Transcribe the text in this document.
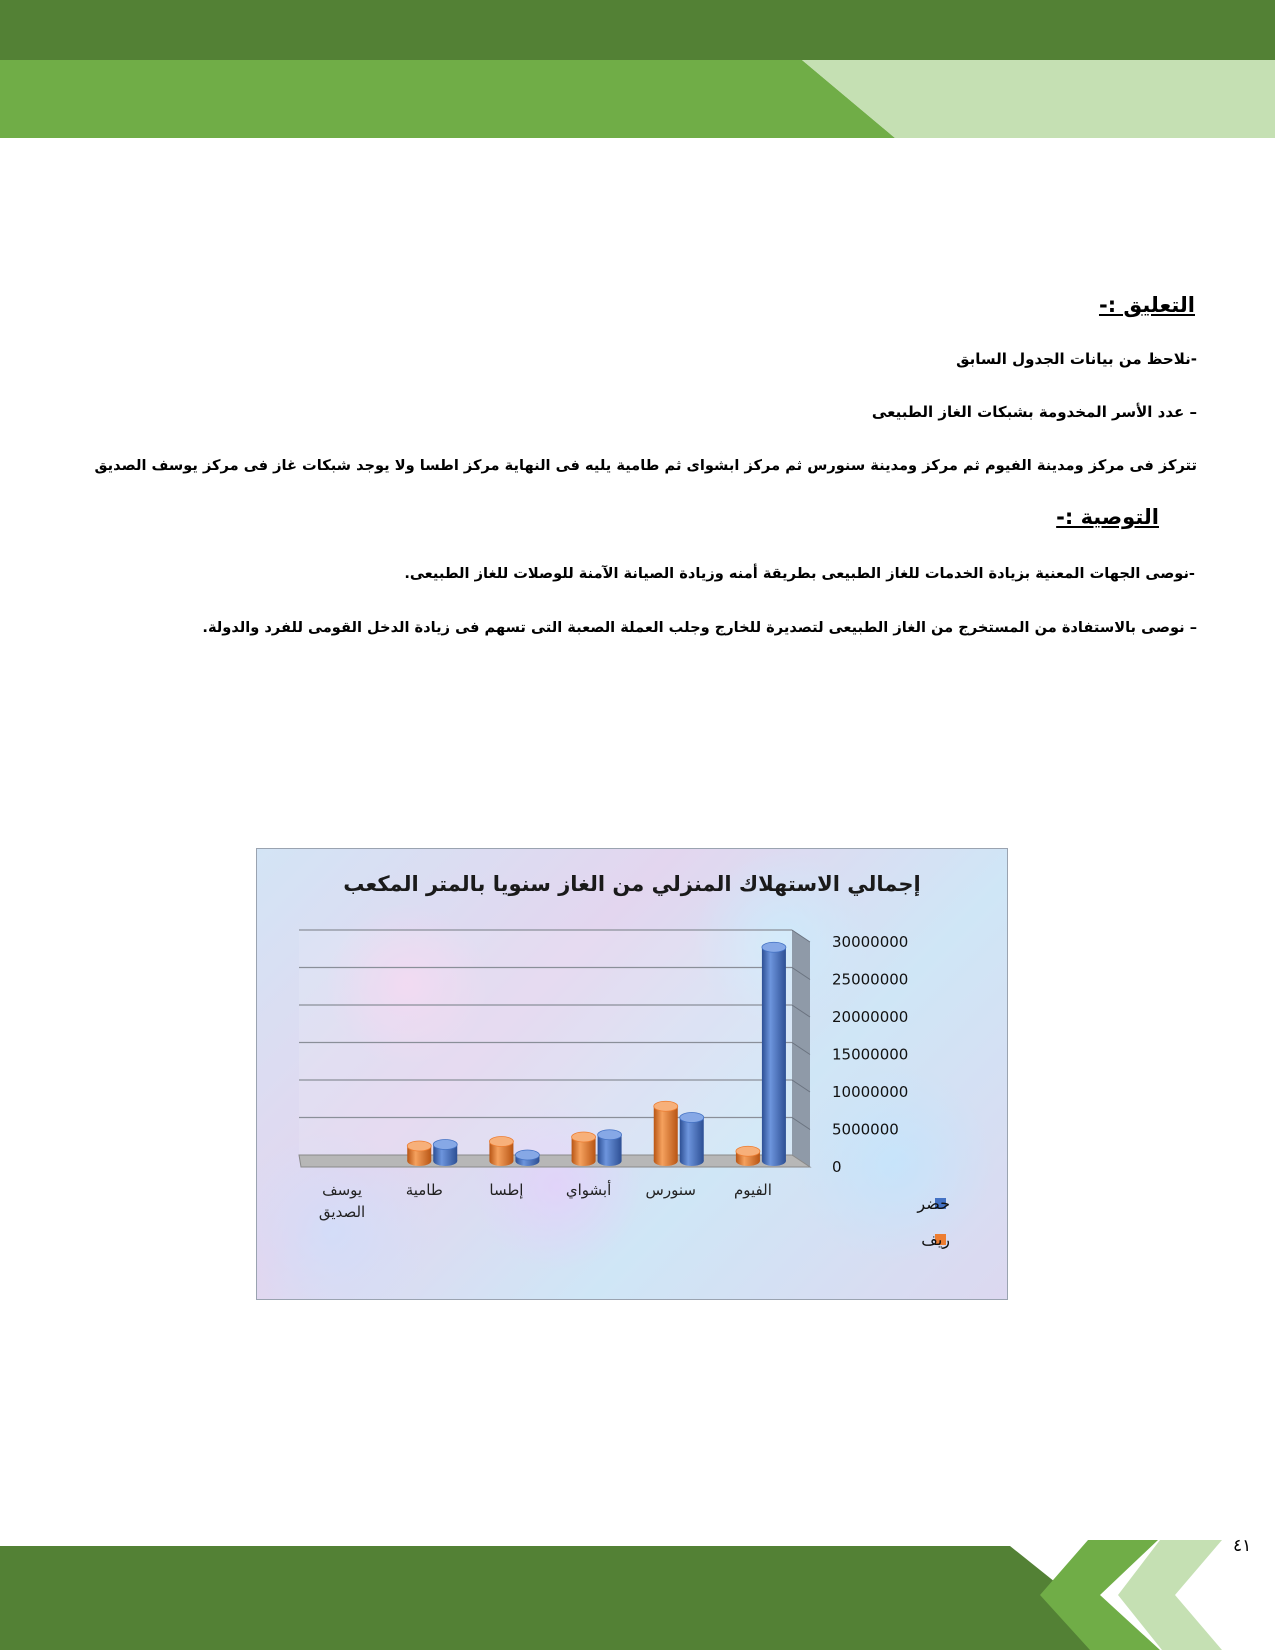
التعليق :-
-نلاحظ من بيانات الجدول السابق
– عدد الأسر المخدومة بشبكات الغاز الطبيعى
تتركز فى مركز ومدينة الفيوم ثم مركز ومدينة سنورس ثم مركز ابشواى ثم طامية يليه فى النهاية مركز اطسا ولا يوجد شبكات غاز فى مركز يوسف الصديق
التوصية :-
-نوصى الجهات المعنية بزيادة الخدمات للغاز الطبيعى بطريقة أمنه وزيادة الصيانة الآمنة للوصلات للغاز الطبيعى.
– نوصى بالاستفادة من المستخرج من الغاز الطبيعى لتصديرة للخارج وجلب العملة الصعبة التى تسهم فى زيادة الدخل القومى للفرد والدولة.
إجمالي الاستهلاك المنزلي من الغاز سنويا بالمتر المكعب
0
5000000
10000000
15000000
20000000
25000000
30000000
الفيوم
سنورس
أبشواي
إطسا
طامية
يوسف الصديق	حضر
ريف
٤١
